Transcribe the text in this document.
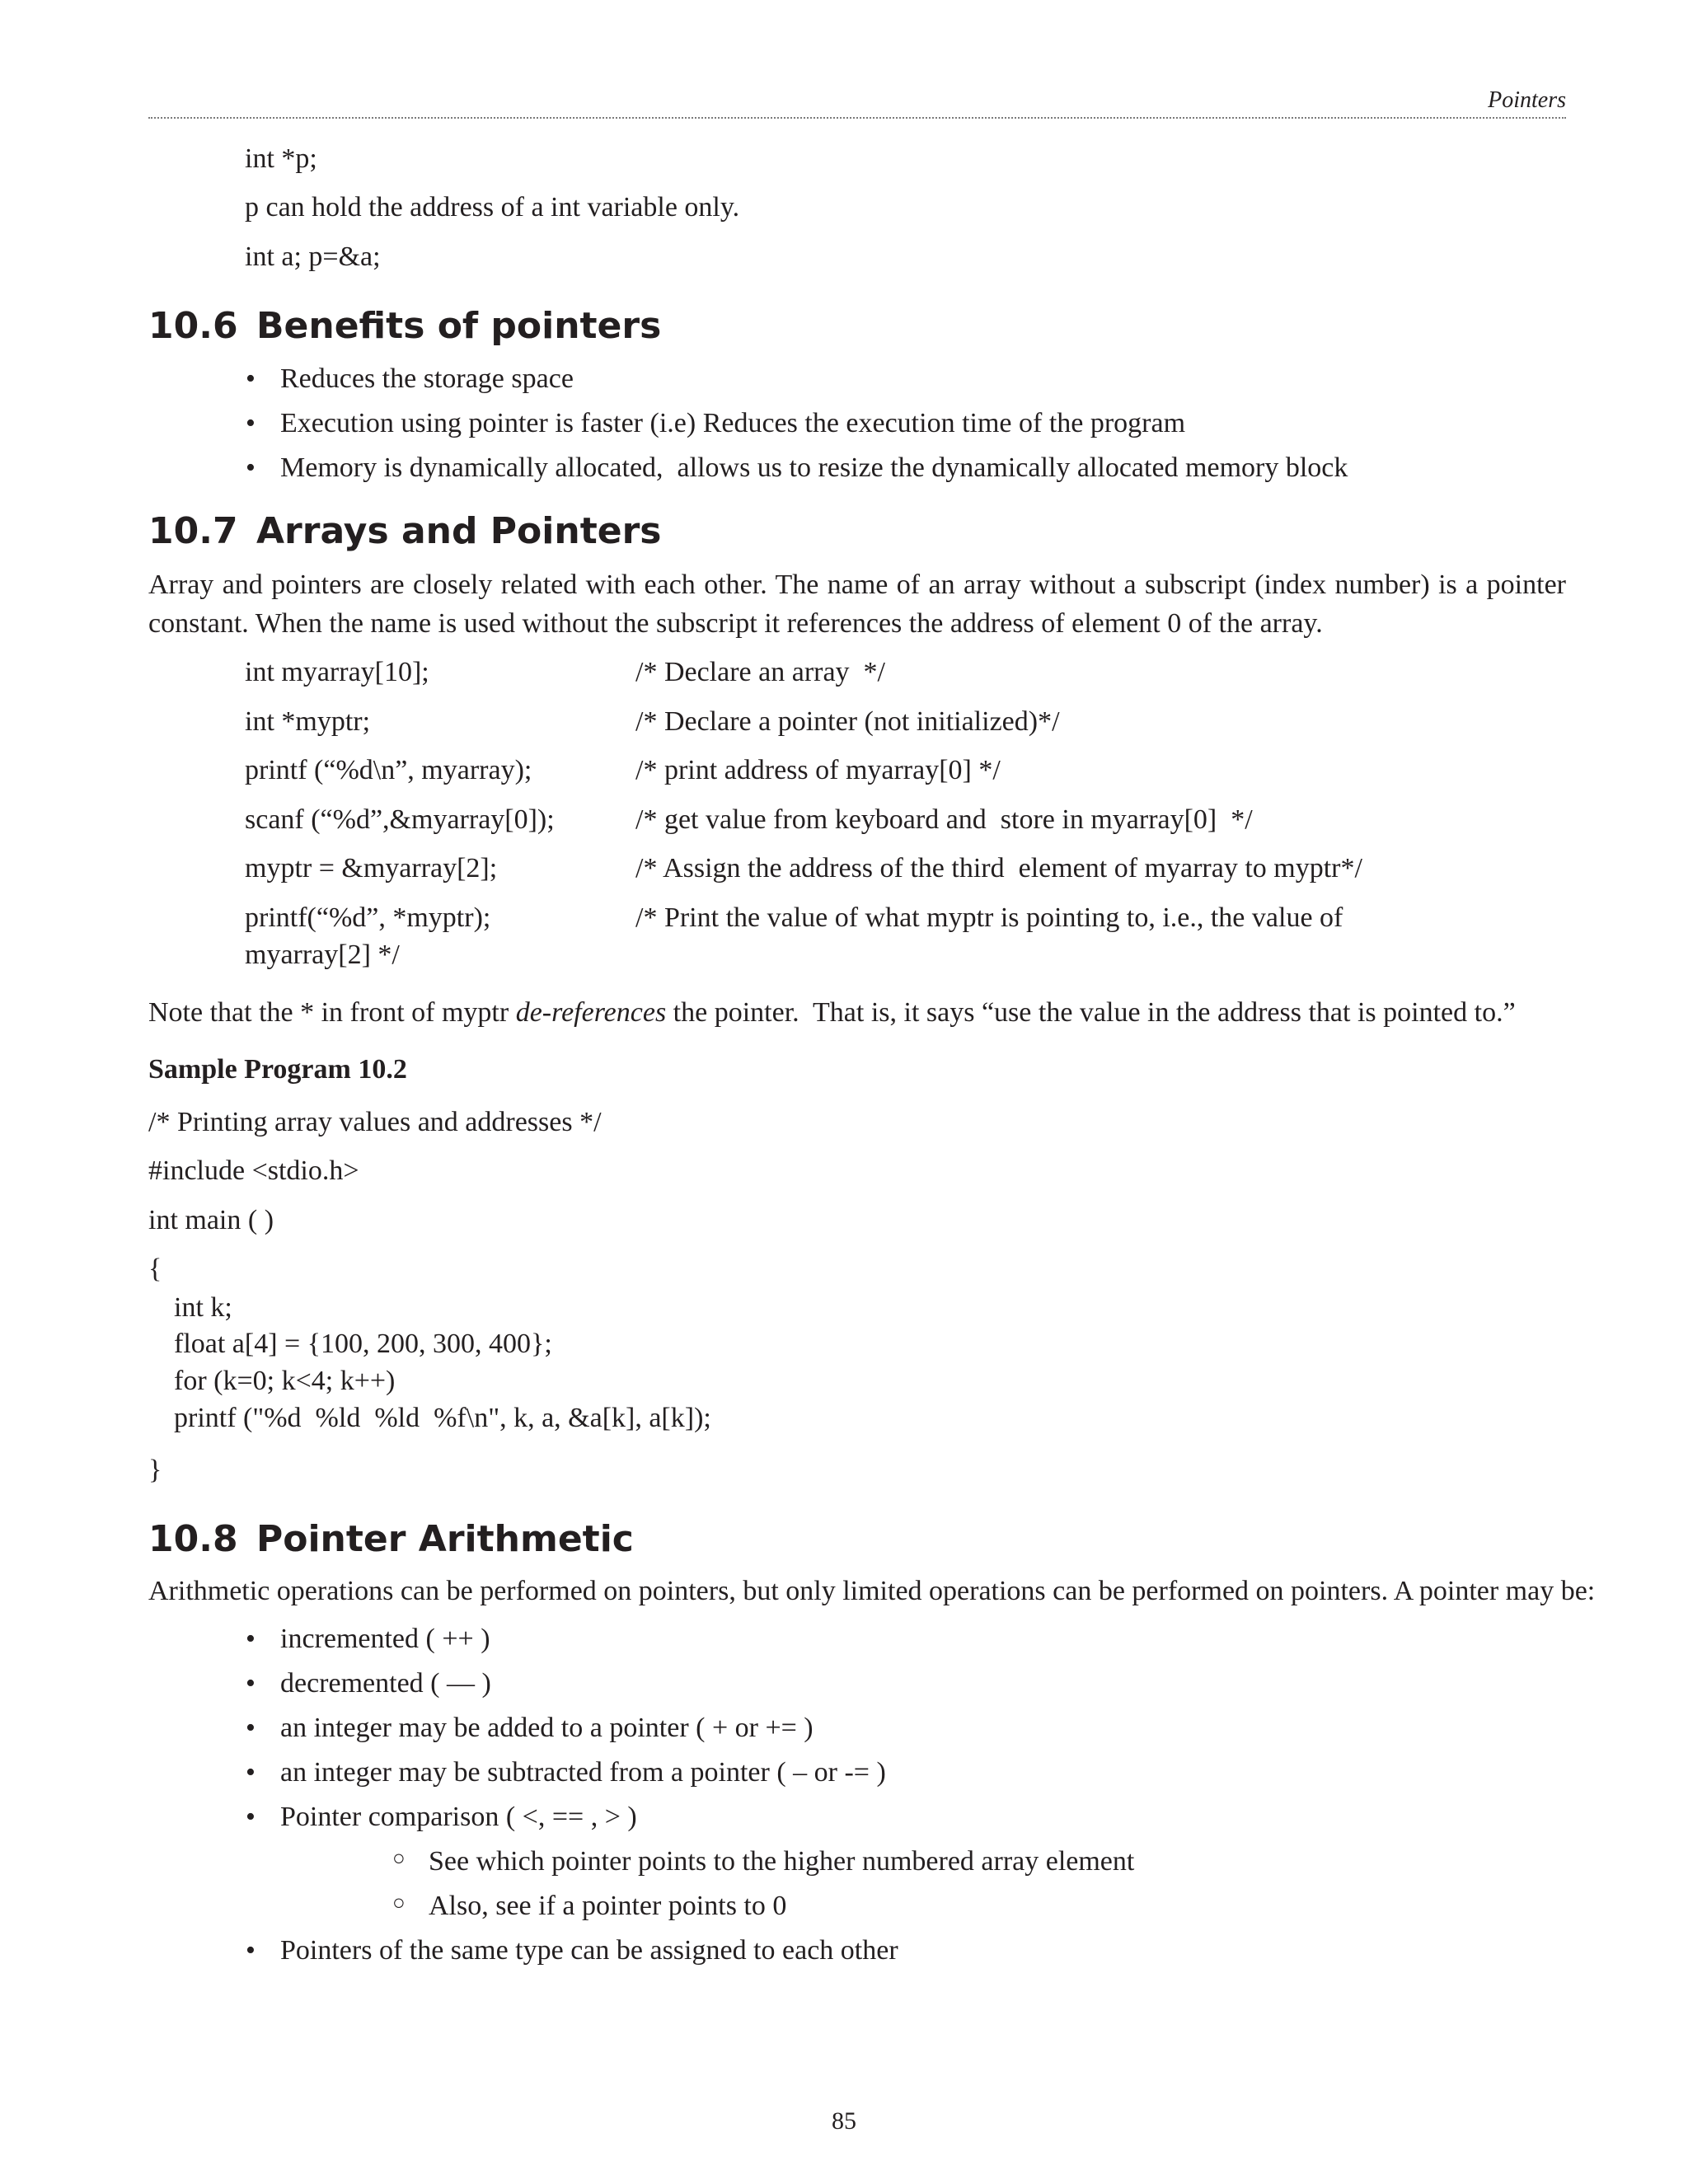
Pointers
int *p;
p can hold the address of a int variable only.
int a; p=&a;
10.6 Benefits of pointers
• Reduces the storage space
• Execution using pointer is faster (i.e) Reduces the execution time of the program
• Memory is dynamically allocated,  allows us to resize the dynamically allocated memory block
10.7 Arrays and Pointers
Array and pointers are closely related with each other. The name of an array without a subscript (index number) is a pointer constant. When the name is used without the subscript it references the address of element 0 of the array.
int myarray[10];	/* Declare an array  */
int *myptr;	/* Declare a pointer (not initialized)*/
printf (“%d\n”, myarray);	/* print address of myarray[0] */
scanf (“%d”,&myarray[0]);	/* get value from keyboard and  store in myarray[0]  */
myptr = &myarray[2];	/* Assign the address of the third  element of myarray to myptr*/
printf(“%d”, *myptr);	/* Print the value of what myptr is pointing to, i.e., the value of
myarray[2] */
Note that the * in front of myptr de-references the pointer.  That is, it says “use the value in the address that is pointed to.”
Sample Program 10.2
/* Printing array values and addresses */
#include <stdio.h>
int main ( )
{
int k;
float a[4] = {100, 200, 300, 400};
for (k=0; k<4; k++)
printf ("%d  %ld  %ld  %f\n", k, a, &a[k], a[k]);
}
10.8 Pointer Arithmetic
Arithmetic operations can be performed on pointers, but only limited operations can be performed on pointers. A pointer may be:
• incremented ( ++ )
• decremented ( — )
• an integer may be added to a pointer ( + or += )
• an integer may be subtracted from a pointer ( – or -= )
• Pointer comparison ( <, == , > )
○ See which pointer points to the higher numbered array element
○ Also, see if a pointer points to 0
• Pointers of the same type can be assigned to each other
85
